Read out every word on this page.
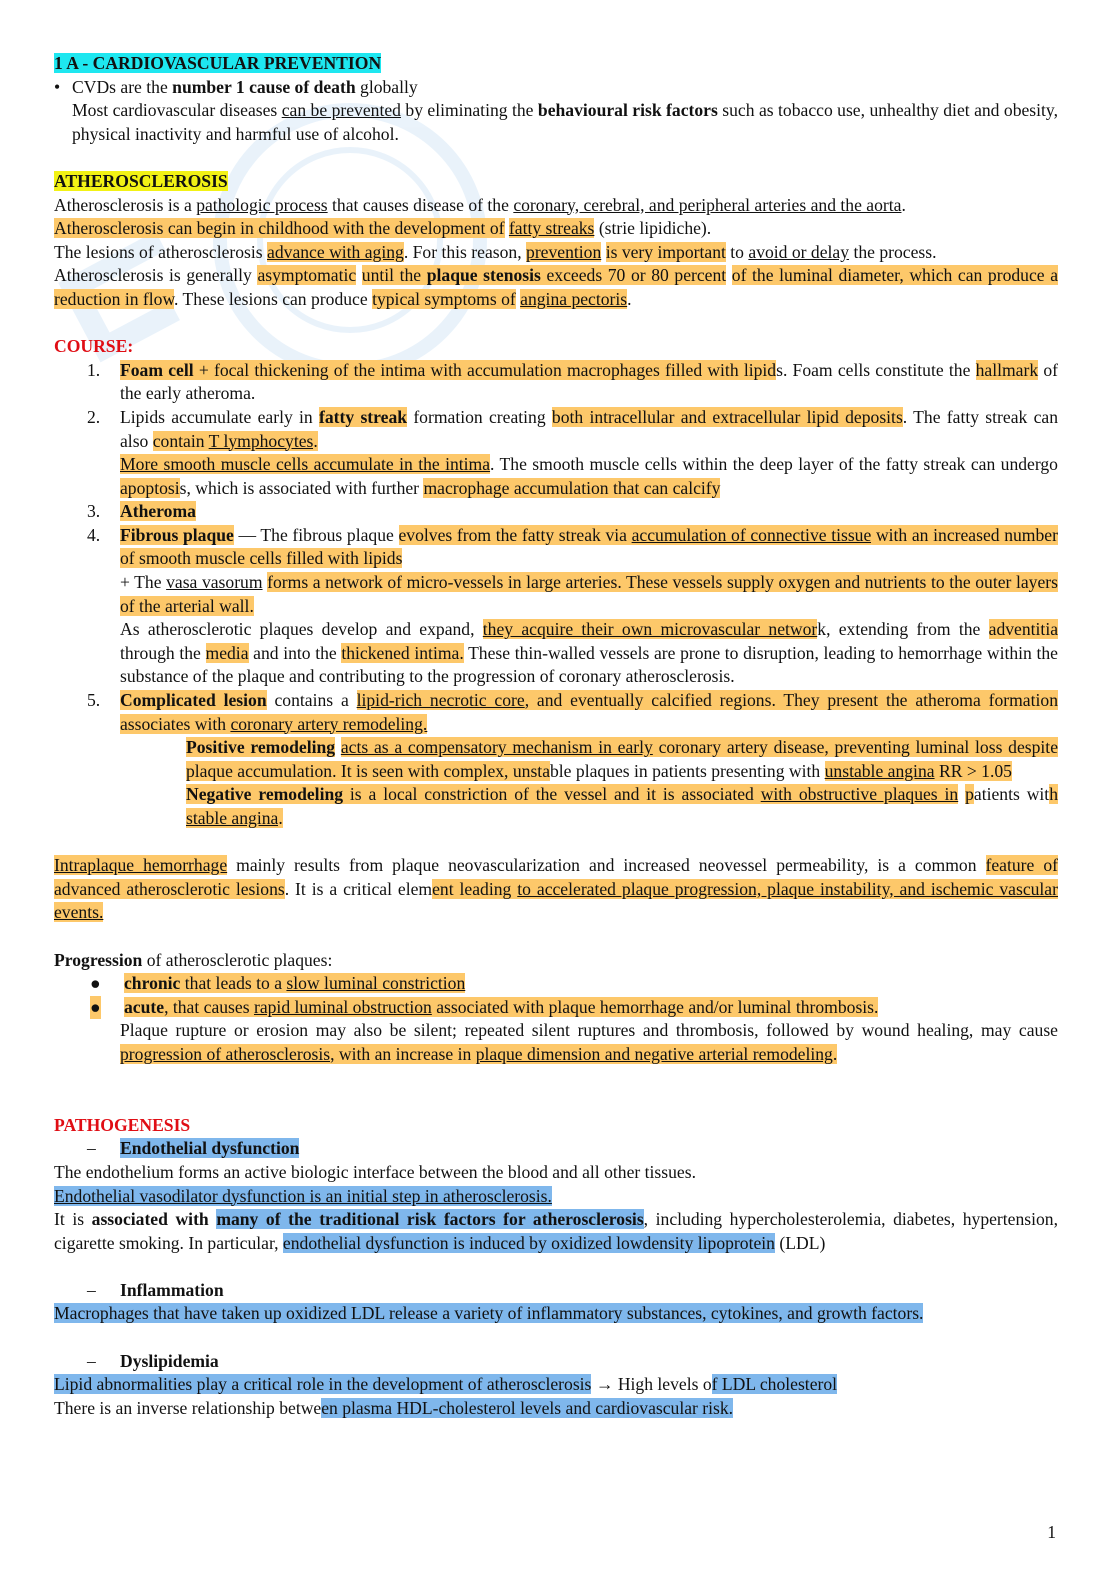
1 A - CARDIOVASCULAR PREVENTION

• CVDs are the number 1 cause of death globally

Most cardiovascular diseases can be prevented by eliminating the behavioural risk factors such as tobacco use, unhealthy diet and obesity, physical inactivity and harmful use of alcohol.

ATHEROSCLEROSIS

Atherosclerosis is a pathologic process that causes disease of the coronary, cerebral, and peripheral arteries and the aorta.

Atherosclerosis can begin in childhood with the development of fatty streaks (strie lipidiche).

The lesions of atherosclerosis advance with aging. For this reason, prevention is very important to avoid or delay the process.

Atherosclerosis is generally asymptomatic until the plaque stenosis exceeds 70 or 80 percent of the luminal diameter, which can produce a reduction in flow. These lesions can produce typical symptoms of angina pectoris.

COURSE:

1. Foam cell + focal thickening of the intima with accumulation macrophages filled with lipids. Foam cells constitute the hallmark of the early atheroma.
2. Lipids accumulate early in fatty streak formation creating both intracellular and extracellular lipid deposits. The fatty streak can also contain T lymphocytes.
More smooth muscle cells accumulate in the intima. The smooth muscle cells within the deep layer of the fatty streak can undergo apoptosis, which is associated with further macrophage accumulation that can calcify
3. Atheroma
4. Fibrous plaque — The fibrous plaque evolves from the fatty streak via accumulation of connective tissue with an increased number of smooth muscle cells filled with lipids
+ The vasa vasorum forms a network of micro-vessels in large arteries. These vessels supply oxygen and nutrients to the outer layers of the arterial wall.
As atherosclerotic plaques develop and expand, they acquire their own microvascular network, extending from the adventitia through the media and into the thickened intima. These thin-walled vessels are prone to disruption, leading to hemorrhage within the substance of the plaque and contributing to the progression of coronary atherosclerosis.
5. Complicated lesion contains a lipid-rich necrotic core, and eventually calcified regions. They present the atheroma formation associates with coronary artery remodeling.

Positive remodeling acts as a compensatory mechanism in early coronary artery disease, preventing luminal loss despite plaque accumulation. It is seen with complex, unstable plaques in patients presenting with unstable angina RR > 1.05

Negative remodeling is a local constriction of the vessel and it is associated with obstructive plaques in patients with stable angina.

Intraplaque hemorrhage mainly results from plaque neovascularization and increased neovessel permeability, is a common feature of advanced atherosclerotic lesions. It is a critical element leading to accelerated plaque progression, plaque instability, and ischemic vascular events.

Progression of atherosclerotic plaques:

● chronic that leads to a slow luminal constriction
● acute, that causes rapid luminal obstruction associated with plaque hemorrhage and/or luminal thrombosis.

Plaque rupture or erosion may also be silent; repeated silent ruptures and thrombosis, followed by wound healing, may cause progression of atherosclerosis, with an increase in plaque dimension and negative arterial remodeling.

PATHOGENESIS

– Endothelial dysfunction

The endothelium forms an active biologic interface between the blood and all other tissues.

Endothelial vasodilator dysfunction is an initial step in atherosclerosis.

It is associated with many of the traditional risk factors for atherosclerosis, including hypercholesterolemia, diabetes, hypertension, cigarette smoking. In particular, endothelial dysfunction is induced by oxidized lowdensity lipoprotein (LDL)

– Inflammation

Macrophages that have taken up oxidized LDL release a variety of inflammatory substances, cytokines, and growth factors.

– Dyslipidemia

Lipid abnormalities play a critical role in the development of atherosclerosis → High levels of LDL cholesterol

There is an inverse relationship between plasma HDL-cholesterol levels and cardiovascular risk.

1
